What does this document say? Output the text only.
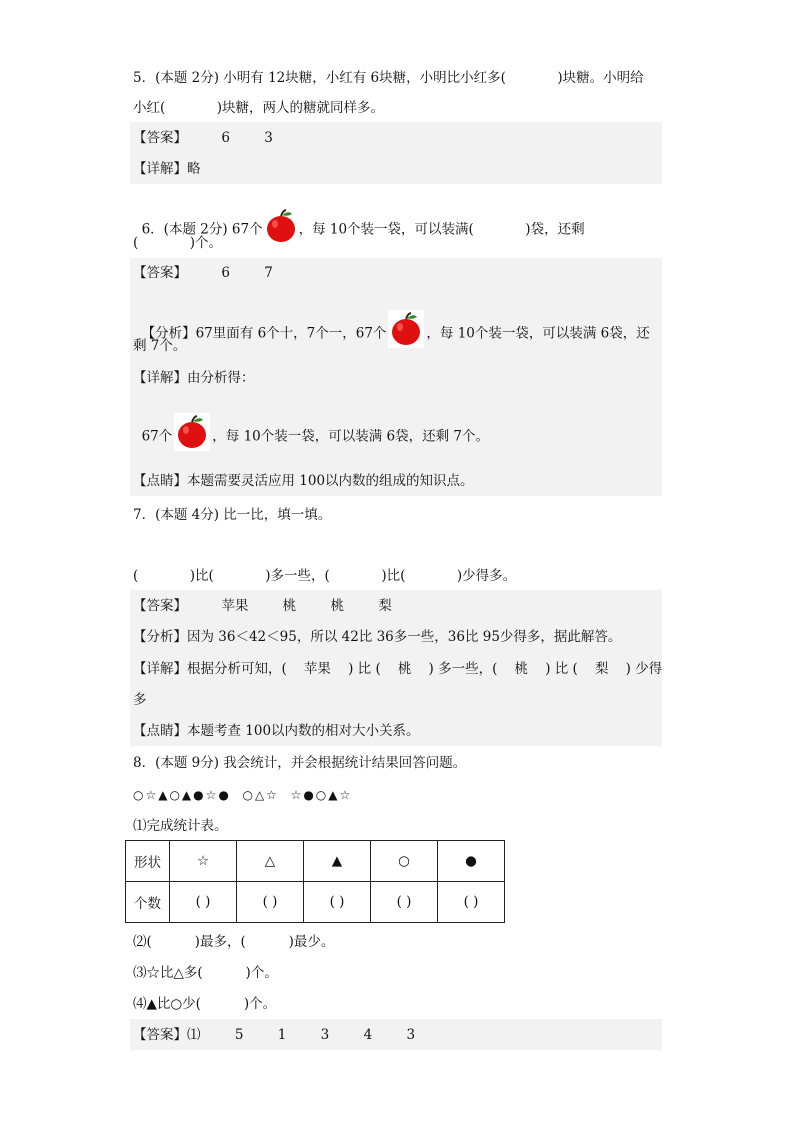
5．(本题 2分) 小明有 12块糖，小红有 6块糖，小明比小红多(            )块糖。小明给
小红(            )块糖，两人的糖就同样多。
【答案】        6        3
【详解】略

6．(本题 2分) 67个	，每 10个装一袋，可以装满(            )袋，还剩

(            )个。
【答案】        6        7

【分析】67里面有 6个十，7个一，67个	，每 10个装一袋，可以装满 6袋，还

剩 7个。
【详解】由分析得：

67个	，每 10个装一袋，可以装满 6袋，还剩 7个。

【点睛】本题需要灵活应用 100以内数的组成的知识点。
7．(本题 4分) 比一比，填一填。
(            )比(            )多一些，(            )比(            )少得多。
【答案】        苹果        桃        桃        梨
【分析】因为 36＜42＜95，所以 42比 36多一些，36比 95少得多，据此解答。
【详解】根据分析可知，(    苹果    ) 比 (    桃    ) 多一些，(    桃    ) 比 (    梨    ) 少得
多
【点睛】本题考查 100以内数的相对大小关系。
8．(本题 9分) 我会统计，并会根据统计结果回答问题。
○☆▲○▲●☆●  ○△☆  ☆●○▲☆
⑴完成统计表。
形状	☆	△	▲	○	●
个数	( )	( )	( )	( )	( )
⑵(          )最多，(          )最少。
⑶☆比△多(          )个。
⑷▲比○少(          )个。
【答案】⑴        5        1        3        4        3
